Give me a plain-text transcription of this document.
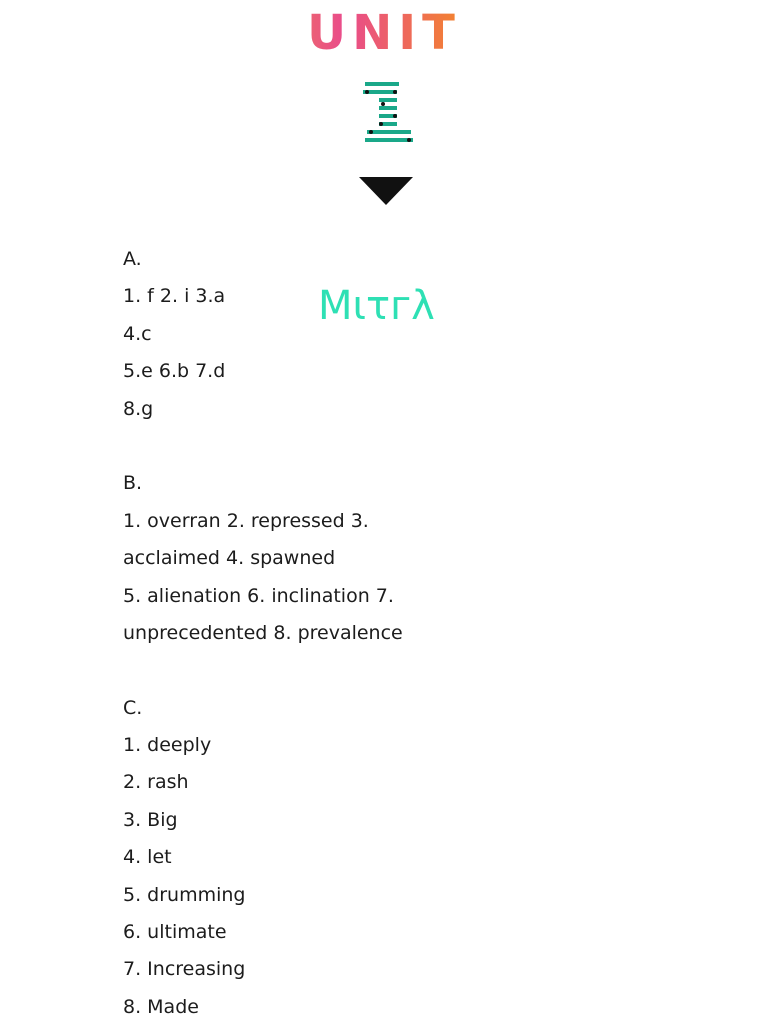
UNIT

Mιτгλ

A.

1. f 2. i 3.a

4.c

5.e 6.b 7.d

8.g

B.

1. overran 2. repressed 3.

acclaimed 4. spawned

5. alienation 6. inclination 7.

unprecedented 8. prevalence

C.

1. deeply

2. rash

3. Big

4. let

5. drumming

6. ultimate

7. Increasing

8. Made
